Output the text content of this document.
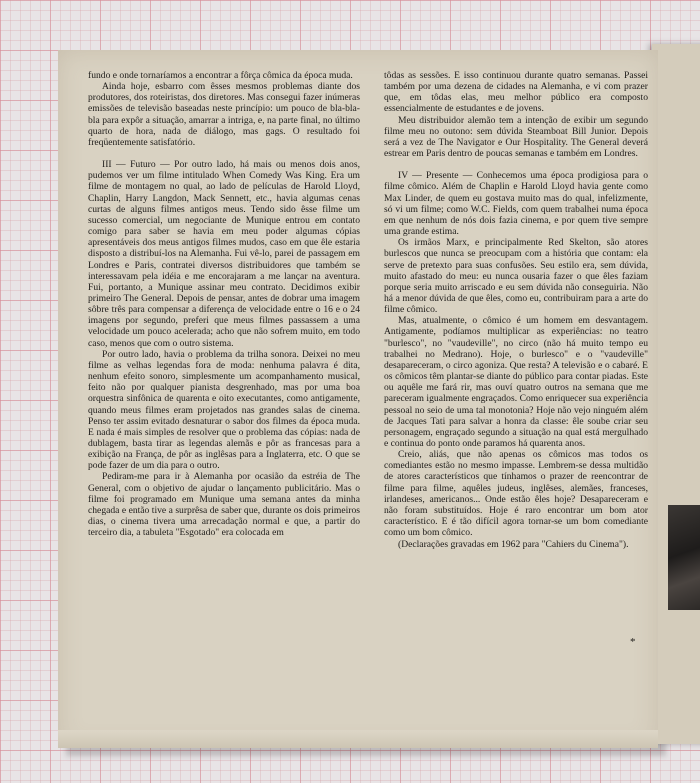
fundo e onde tornaríamos a encontrar a fôrça cômica da época muda.

Ainda hoje, esbarro com êsses mesmos problemas diante dos produtores, dos roteiristas, dos diretores. Mas consegui fazer inúmeras emissões de televisão baseadas neste princípio: um pouco de bla-bla-bla para expôr a situação, amarrar a intriga, e, na parte final, no último quarto de hora, nada de diálogo, mas gags. O resultado foi freqüentemente satisfatório.

III — Futuro — Por outro lado, há mais ou menos dois anos, pudemos ver um filme intitulado When Comedy Was King. Era um filme de montagem no qual, ao lado de películas de Harold Lloyd, Chaplin, Harry Langdon, Mack Sennett, etc., havia algumas cenas curtas de alguns filmes antigos meus. Tendo sido êsse filme um sucesso comercial, um negociante de Munique entrou em contato comigo para saber se havia em meu poder algumas cópias apresentáveis dos meus antigos filmes mudos, caso em que êle estaria disposto a distribuí-los na Alemanha. Fui vê-lo, parei de passagem em Londres e Paris, contratei diversos distribuidores que também se interessavam pela idéia e me encorajaram a me lançar na aventura. Fui, portanto, a Munique assinar meu contrato. Decidimos exibir primeiro The General. Depois de pensar, antes de dobrar uma imagem sôbre três para compensar a diferença de velocidade entre o 16 e o 24 imagens por segundo, preferi que meus filmes passassem a uma velocidade um pouco acelerada; acho que não sofrem muito, em todo caso, menos que com o outro sistema.

Por outro lado, havia o problema da trilha sonora. Deixei no meu filme as velhas legendas fora de moda: nenhuma palavra é dita, nenhum efeito sonoro, simplesmente um acompanhamento musical, feito não por qualquer pianista desgrenhado, mas por uma boa orquestra sinfônica de quarenta e oito executantes, como antigamente, quando meus filmes eram projetados nas grandes salas de cinema. Penso ter assim evitado desnaturar o sabor dos filmes da época muda. E nada é mais simples de resolver que o problema das cópias: nada de dublagem, basta tirar as legendas alemãs e pôr as francesas para a exibição na França, de pôr as inglêsas para a Inglaterra, etc. O que se pode fazer de um dia para o outro.

Pediram-me para ir à Alemanha por ocasião da estréia de The General, com o objetivo de ajudar o lançamento publicitário. Mas o filme foi programado em Munique uma semana antes da minha chegada e então tive a surprêsa de saber que, durante os dois primeiros dias, o cinema tivera uma arrecadação normal e que, a partir do terceiro dia, a tabuleta "Esgotado" era colocada em

tôdas as sessões. E isso continuou durante quatro semanas. Passei também por uma dezena de cidades na Alemanha, e vi com prazer que, em tôdas elas, meu melhor público era composto essencialmente de estudantes e de jovens.

Meu distribuidor alemão tem a intenção de exibir um segundo filme meu no outono: sem dúvida Steamboat Bill Junior. Depois será a vez de The Navigator e Our Hospitality. The General deverá estrear em Paris dentro de poucas semanas e também em Londres.

IV — Presente — Conhecemos uma época prodigiosa para o filme cômico. Além de Chaplin e Harold Lloyd havia gente como Max Linder, de quem eu gostava muito mas do qual, infelizmente, só vi um filme; como W.C. Fields, com quem trabalhei numa época em que nenhum de nós dois fazia cinema, e por quem tive sempre uma grande estima.

Os irmãos Marx, e principalmente Red Skelton, são atores burlescos que nunca se preocupam com a história que contam: ela serve de pretexto para suas confusões. Seu estilo era, sem dúvida, muito afastado do meu: eu nunca ousaria fazer o que êles faziam porque seria muito arriscado e eu sem dúvida não conseguiria. Não há a menor dúvida de que êles, como eu, contribuiram para a arte do filme cômico.

Mas, atualmente, o cômico é um homem em desvantagem. Antigamente, podíamos multiplicar as experiências: no teatro "burlesco", no "vaudeville", no circo (não há muito tempo eu trabalhei no Medrano). Hoje, o burlesco" e o "vaudeville" desapareceram, o circo agoniza. Que resta? A televisão e o cabaré. E os cômicos têm plantar-se diante do público para contar piadas. Este ou aquêle me fará rir, mas ouví quatro outros na semana que me pareceram igualmente engraçados. Como enriquecer sua experiência pessoal no seio de uma tal monotonia? Hoje não vejo ninguém além de Jacques Tati para salvar a honra da classe: êle soube criar seu personagem, engraçado segundo a situação na qual está mergulhado e continua do ponto onde paramos há quarenta anos.

Creio, aliás, que não apenas os cômicos mas todos os comediantes estão no mesmo impasse. Lembrem-se dessa multidão de atores característicos que tínhamos o prazer de reencontrar de filme para filme, aquêles judeus, inglêses, alemães, franceses, irlandeses, americanos... Onde estão êles hoje? Desapareceram e não foram substituídos. Hoje é raro encontrar um bom ator característico. E é tão difícil agora tornar-se um bom comediante como um bom cômico.

(Declarações gravadas em 1962 para "Cahiers du Cinema").

*
